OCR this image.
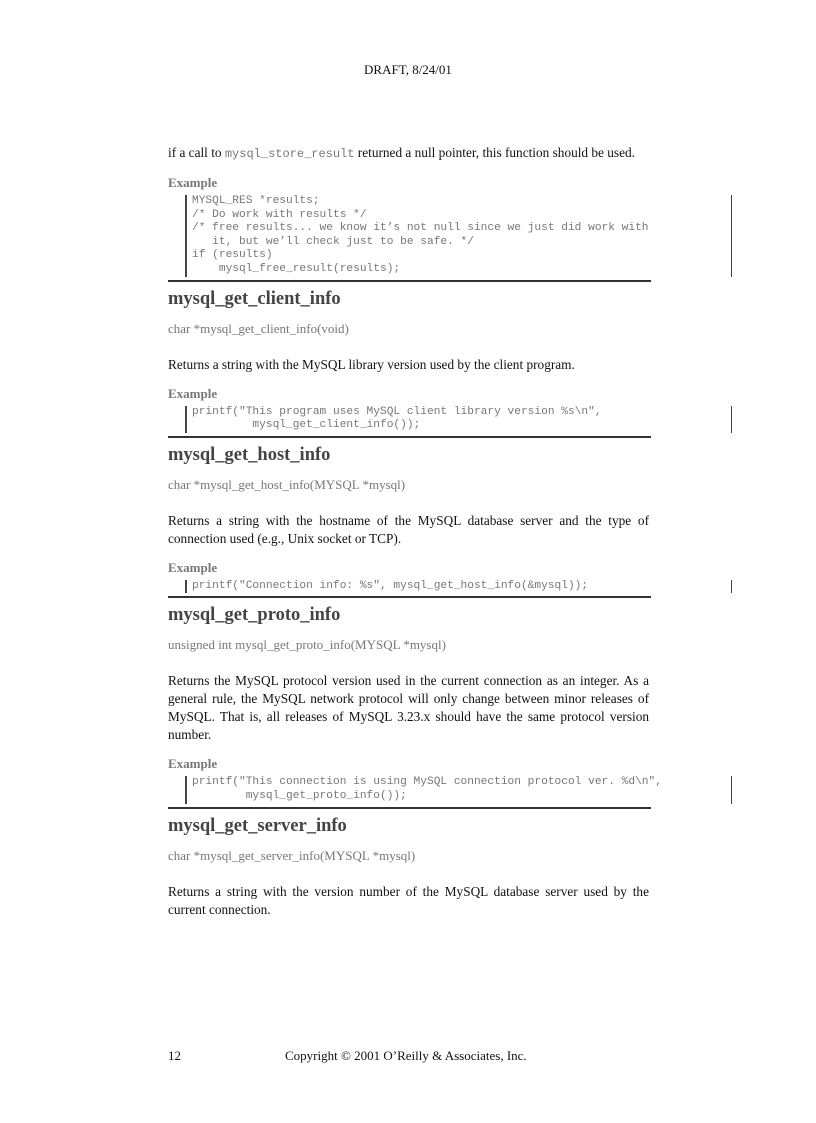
DRAFT, 8/24/01

if a call to mysql_store_result returned a null pointer, this function should be used.

Example
MYSQL_RES *results;
/* Do work with results */
/* free results... we know it’s not null since we just did work with
it, but we’ll check just to be safe. */
if (results)
mysql_free_result(results);
mysql_get_client_info
char *mysql_get_client_info(void)

Returns a string with the MySQL library version used by the client program.

Example
printf("This program uses MySQL client library version %s\n",
mysql_get_client_info());
mysql_get_host_info
char *mysql_get_host_info(MYSQL *mysql)

Returns a string with the hostname of the MySQL database server and the type of connection used (e.g., Unix socket or TCP).

Example
printf("Connection info: %s", mysql_get_host_info(&mysql));
mysql_get_proto_info
unsigned int mysql_get_proto_info(MYSQL *mysql)

Returns the MySQL protocol version used in the current connection as an integer. As a general rule, the MySQL network protocol will only change between minor releases of MySQL. That is, all releases of MySQL 3.23.x should have the same protocol version number.

Example
printf("This connection is using MySQL connection protocol ver. %d\n",
mysql_get_proto_info());

mysql_get_server_info
char *mysql_get_server_info(MYSQL *mysql)

Returns a string with the version number of the MySQL database server used by the current connection.

12	Copyright © 2001 O’Reilly & Associates, Inc.
